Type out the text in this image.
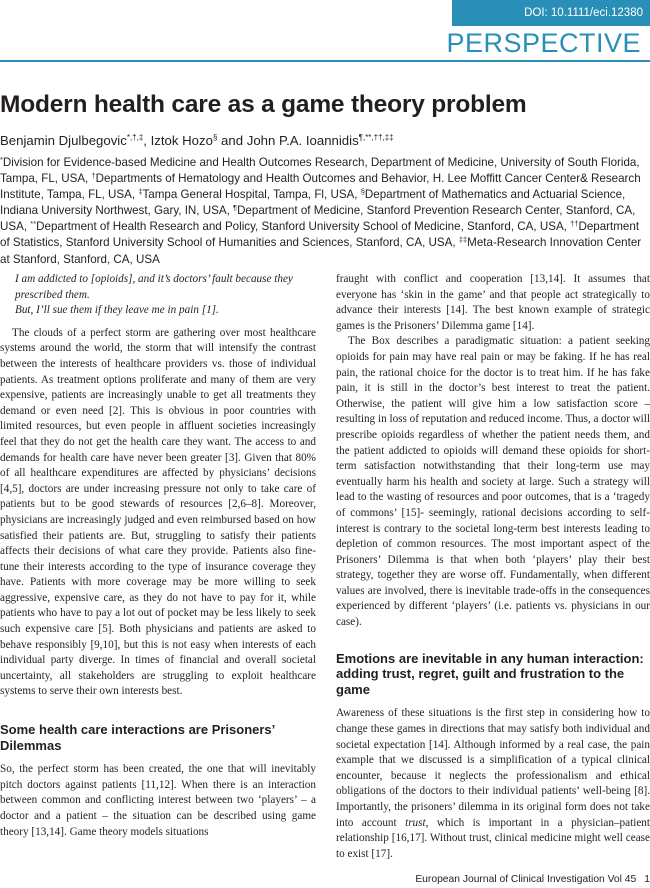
DOI: 10.1111/eci.12380
PERSPECTIVE
Modern health care as a game theory problem
Benjamin Djulbegovic*,†,‡, Iztok Hozo§ and John P.A. Ioannidis¶,**,††,‡‡
*Division for Evidence-based Medicine and Health Outcomes Research, Department of Medicine, University of South Florida, Tampa, FL, USA, †Departments of Hematology and Health Outcomes and Behavior, H. Lee Moffitt Cancer Center& Research Institute, Tampa, FL, USA, ‡Tampa General Hospital, Tampa, Fl, USA, §Department of Mathematics and Actuarial Science, Indiana University Northwest, Gary, IN, USA, ¶Department of Medicine, Stanford Prevention Research Center, Stanford, CA, USA, **Department of Health Research and Policy, Stanford University School of Medicine, Stanford, CA, USA, ††Department of Statistics, Stanford University School of Humanities and Sciences, Stanford, CA, USA, ‡‡Meta-Research Innovation Center at Stanford, Stanford, CA, USA

I am addicted to [opioids], and it’s doctors’ fault because they prescribed them.

But, I’ll sue them if they leave me in pain [1].

The clouds of a perfect storm are gathering over most healthcare systems around the world, the storm that will intensify the contrast between the interests of healthcare providers vs. those of individual patients. As treatment options proliferate and many of them are very expensive, patients are increasingly unable to get all treatments they demand or even need [2]. This is obvious in poor countries with limited resources, but even people in affluent societies increasingly feel that they do not get the health care they want. The access to and demands for health care have never been greater [3]. Given that 80% of all healthcare expenditures are affected by physicians’ decisions [4,5], doctors are under increasing pressure not only to take care of patients but to be good stewards of resources [2,6–8]. Moreover, physicians are increasingly judged and even reimbursed based on how satisfied their patients are. But, struggling to satisfy their patients affects their decisions of what care they provide. Patients also fine-tune their interests according to the type of insurance coverage they have. Patients with more coverage may be more willing to seek aggressive, expensive care, as they do not have to pay for it, while patients who have to pay a lot out of pocket may be less likely to seek such expensive care [5]. Both physicians and patients are asked to behave responsibly [9,10], but this is not easy when interests of each individual party diverge. In times of financial and overall societal uncertainty, all stakeholders are struggling to exploit healthcare systems to serve their own interests best.

Some health care interactions are Prisoners’ Dilemmas

So, the perfect storm has been created, the one that will inevitably pitch doctors against patients [11,12]. When there is an interaction between common and conflicting interest between two ‘players’ – a doctor and a patient – the situation can be described using game theory [13,14]. Game theory models situations

fraught with conflict and cooperation [13,14]. It assumes that everyone has ‘skin in the game’ and that people act strategically to advance their interests [14]. The best known example of strategic games is the Prisoners’ Dilemma game [14].

The Box describes a paradigmatic situation: a patient seeking opioids for pain may have real pain or may be faking. If he has real pain, the rational choice for the doctor is to treat him. If he has fake pain, it is still in the doctor’s best interest to treat the patient. Otherwise, the patient will give him a low satisfaction score – resulting in loss of reputation and reduced income. Thus, a doctor will prescribe opioids regardless of whether the patient needs them, and the patient addicted to opioids will demand these opioids for short-term satisfaction notwithstanding that their long-term use may eventually harm his health and society at large. Such a strategy will lead to the wasting of resources and poor outcomes, that is a ‘tragedy of commons’ [15]- seemingly, rational decisions according to self-interest is contrary to the societal long-term best interests leading to depletion of common resources. The most important aspect of the Prisoners’ Dilemma is that when both ‘players’ play their best strategy, together they are worse off. Fundamentally, when different values are involved, there is inevitable trade-offs in the consequences experienced by different ‘players’ (i.e. patients vs. physicians in our case).

Emotions are inevitable in any human interaction: adding trust, regret, guilt and frustration to the game

Awareness of these situations is the first step in considering how to change these games in directions that may satisfy both individual and societal expectation [14]. Although informed by a real case, the pain example that we discussed is a simplification of a typical clinical encounter, because it neglects the professionalism and ethical obligations of the doctors to their individual patients’ well-being [8]. Importantly, the prisoners’ dilemma in its original form does not take into account trust, which is important in a physician–patient relationship [16,17]. Without trust, clinical medicine might well cease to exist [17].

European Journal of Clinical Investigation Vol 45 1
